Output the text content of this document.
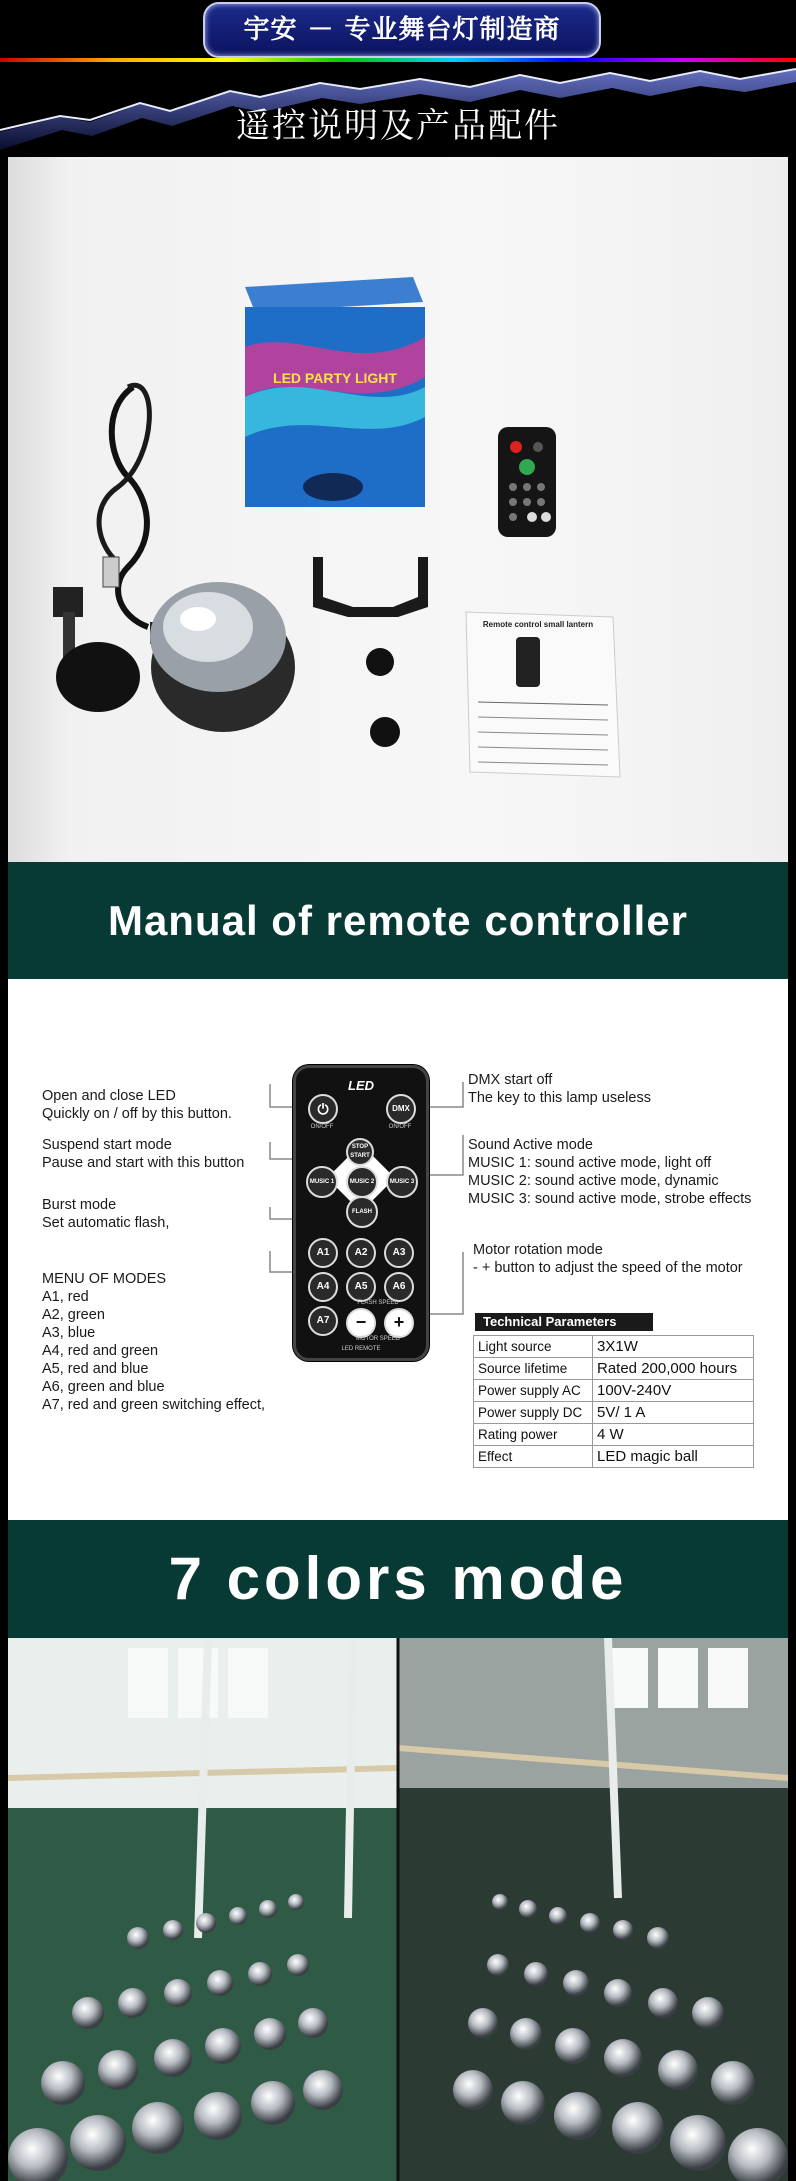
宇安 － 专业舞台灯制造商
遥控说明及产品配件
LED PARTY LIGHT
Remote control small lantern
Manual of remote controller
Open and close LED
Quickly on / off by this button.
Suspend start mode
Pause and start with this button
Burst mode
Set automatic flash,
MENU OF MODES
A1, red
A2, green
A3, blue
A4, red and green
A5, red and blue
A6, green and blue
A7, red and green switching effect,
DMX start off
The key to this lamp useless
Sound Active mode
MUSIC 1: sound active mode, light off
MUSIC 2: sound active mode, dynamic
MUSIC 3: sound active mode, strobe effects
Motor rotation mode
- + button to adjust the speed of the motor
LED
⏻
ON/OFF
DMX
ON/OFF
STOP
START
MUSIC 1	MUSIC 2	MUSIC 3
FLASH
A1	A2	A3
A4	A5	A6
A7
FLASH SPEED
−	+
MOTOR SPEED
LED REMOTE
Technical Parameters
Light source	3X1W
Source lifetime	Rated 200,000 hours
Power supply AC	100V-240V
Power supply DC	5V/ 1 A
Rating power	4 W
Effect	LED magic ball
7 colors mode
